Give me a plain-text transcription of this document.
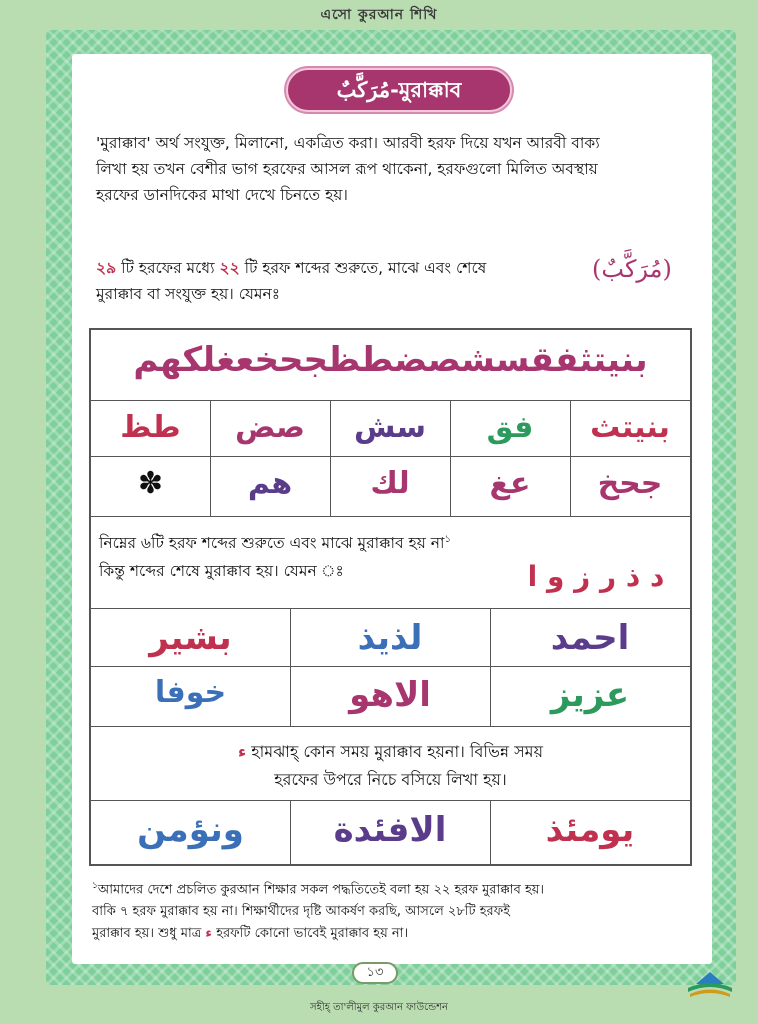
এসো কুরআন শিখি
مُرَكَّبٌ-মুরাক্কাব
'মুরাক্কাব' অর্থ সংযুক্ত, মিলানো, একত্রিত করা। আরবী হরফ দিয়ে যখন আরবী বাক্য
লিখা হয় তখন বেশীর ভাগ হরফের আসল রূপ থাকেনা, হরফগুলো মিলিত অবস্থায়
হরফের ডানদিকের মাথা দেখে চিনতে হয়।
২৯ টি হরফের মধ্যে ২২ টি হরফ শব্দের শুরুতে, মাঝে এবং শেষে
মুরাক্কাব বা সংযুক্ত হয়। যেমনঃ
(مُرَكَّبٌ)
بنيتثفقسشصضطظجحخعغلكهم
بنيتث
فق
سش
صض
طظ
جحخ
عغ
لك
هم
✽
নিম্নের ৬টি হরফ শব্দের শুরুতে এবং মাঝে মুরাক্কাব হয় না$^১$
কিন্তু শব্দের শেষে মুরাক্কাব হয়। যেমন ঃ	د ذ ر ز و ا
احمد
لذيذ
بشير
عزيز
الاهو
خوفا
ء হামঝাহ্ কোন সময় মুরাক্কাব হয়না। বিভিন্ন সময়
হরফের উপরে নিচে বসিয়ে লিখা হয়।
يومئذ
الافئدة
ونؤمن
$^১$আমাদের দেশে প্রচলিত কুরআন শিক্ষার সকল পদ্ধতিতেই বলা হয় ২২ হরফ মুরাক্কাব হয়।
বাকি ৭ হরফ মুরাক্কাব হয় না। শিক্ষার্থীদের দৃষ্টি আকর্ষণ করছি, আসলে ২৮টি হরফই
মুরাক্কাব হয়। শুধু মাত্র ء হরফটি কোনো ভাবেই মুরাক্কাব হয় না।
১৩
সহীহ্ তা'লীমুল কুরআন ফাউন্ডেশন
